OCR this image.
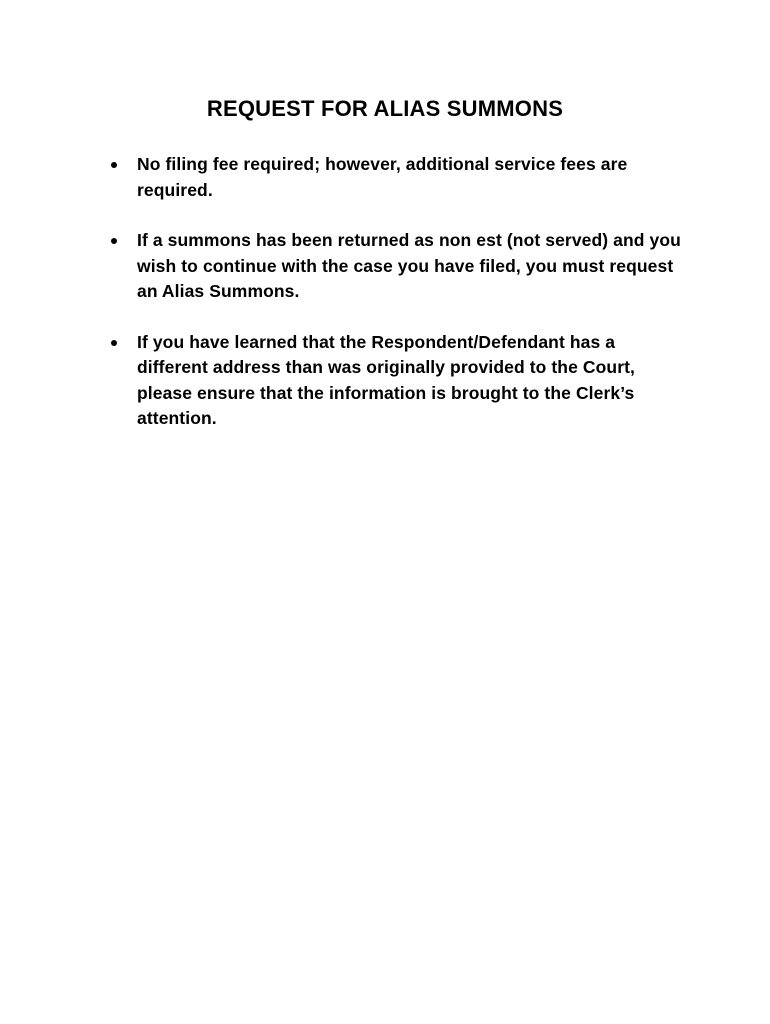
REQUEST FOR ALIAS SUMMONS
No filing fee required; however, additional service fees are required.
If a summons has been returned as non est (not served) and you wish to continue with the case you have filed, you must request an Alias Summons.
If you have learned that the Respondent/Defendant has a different address than was originally provided to the Court, please ensure that the information is brought to the Clerk’s attention.
